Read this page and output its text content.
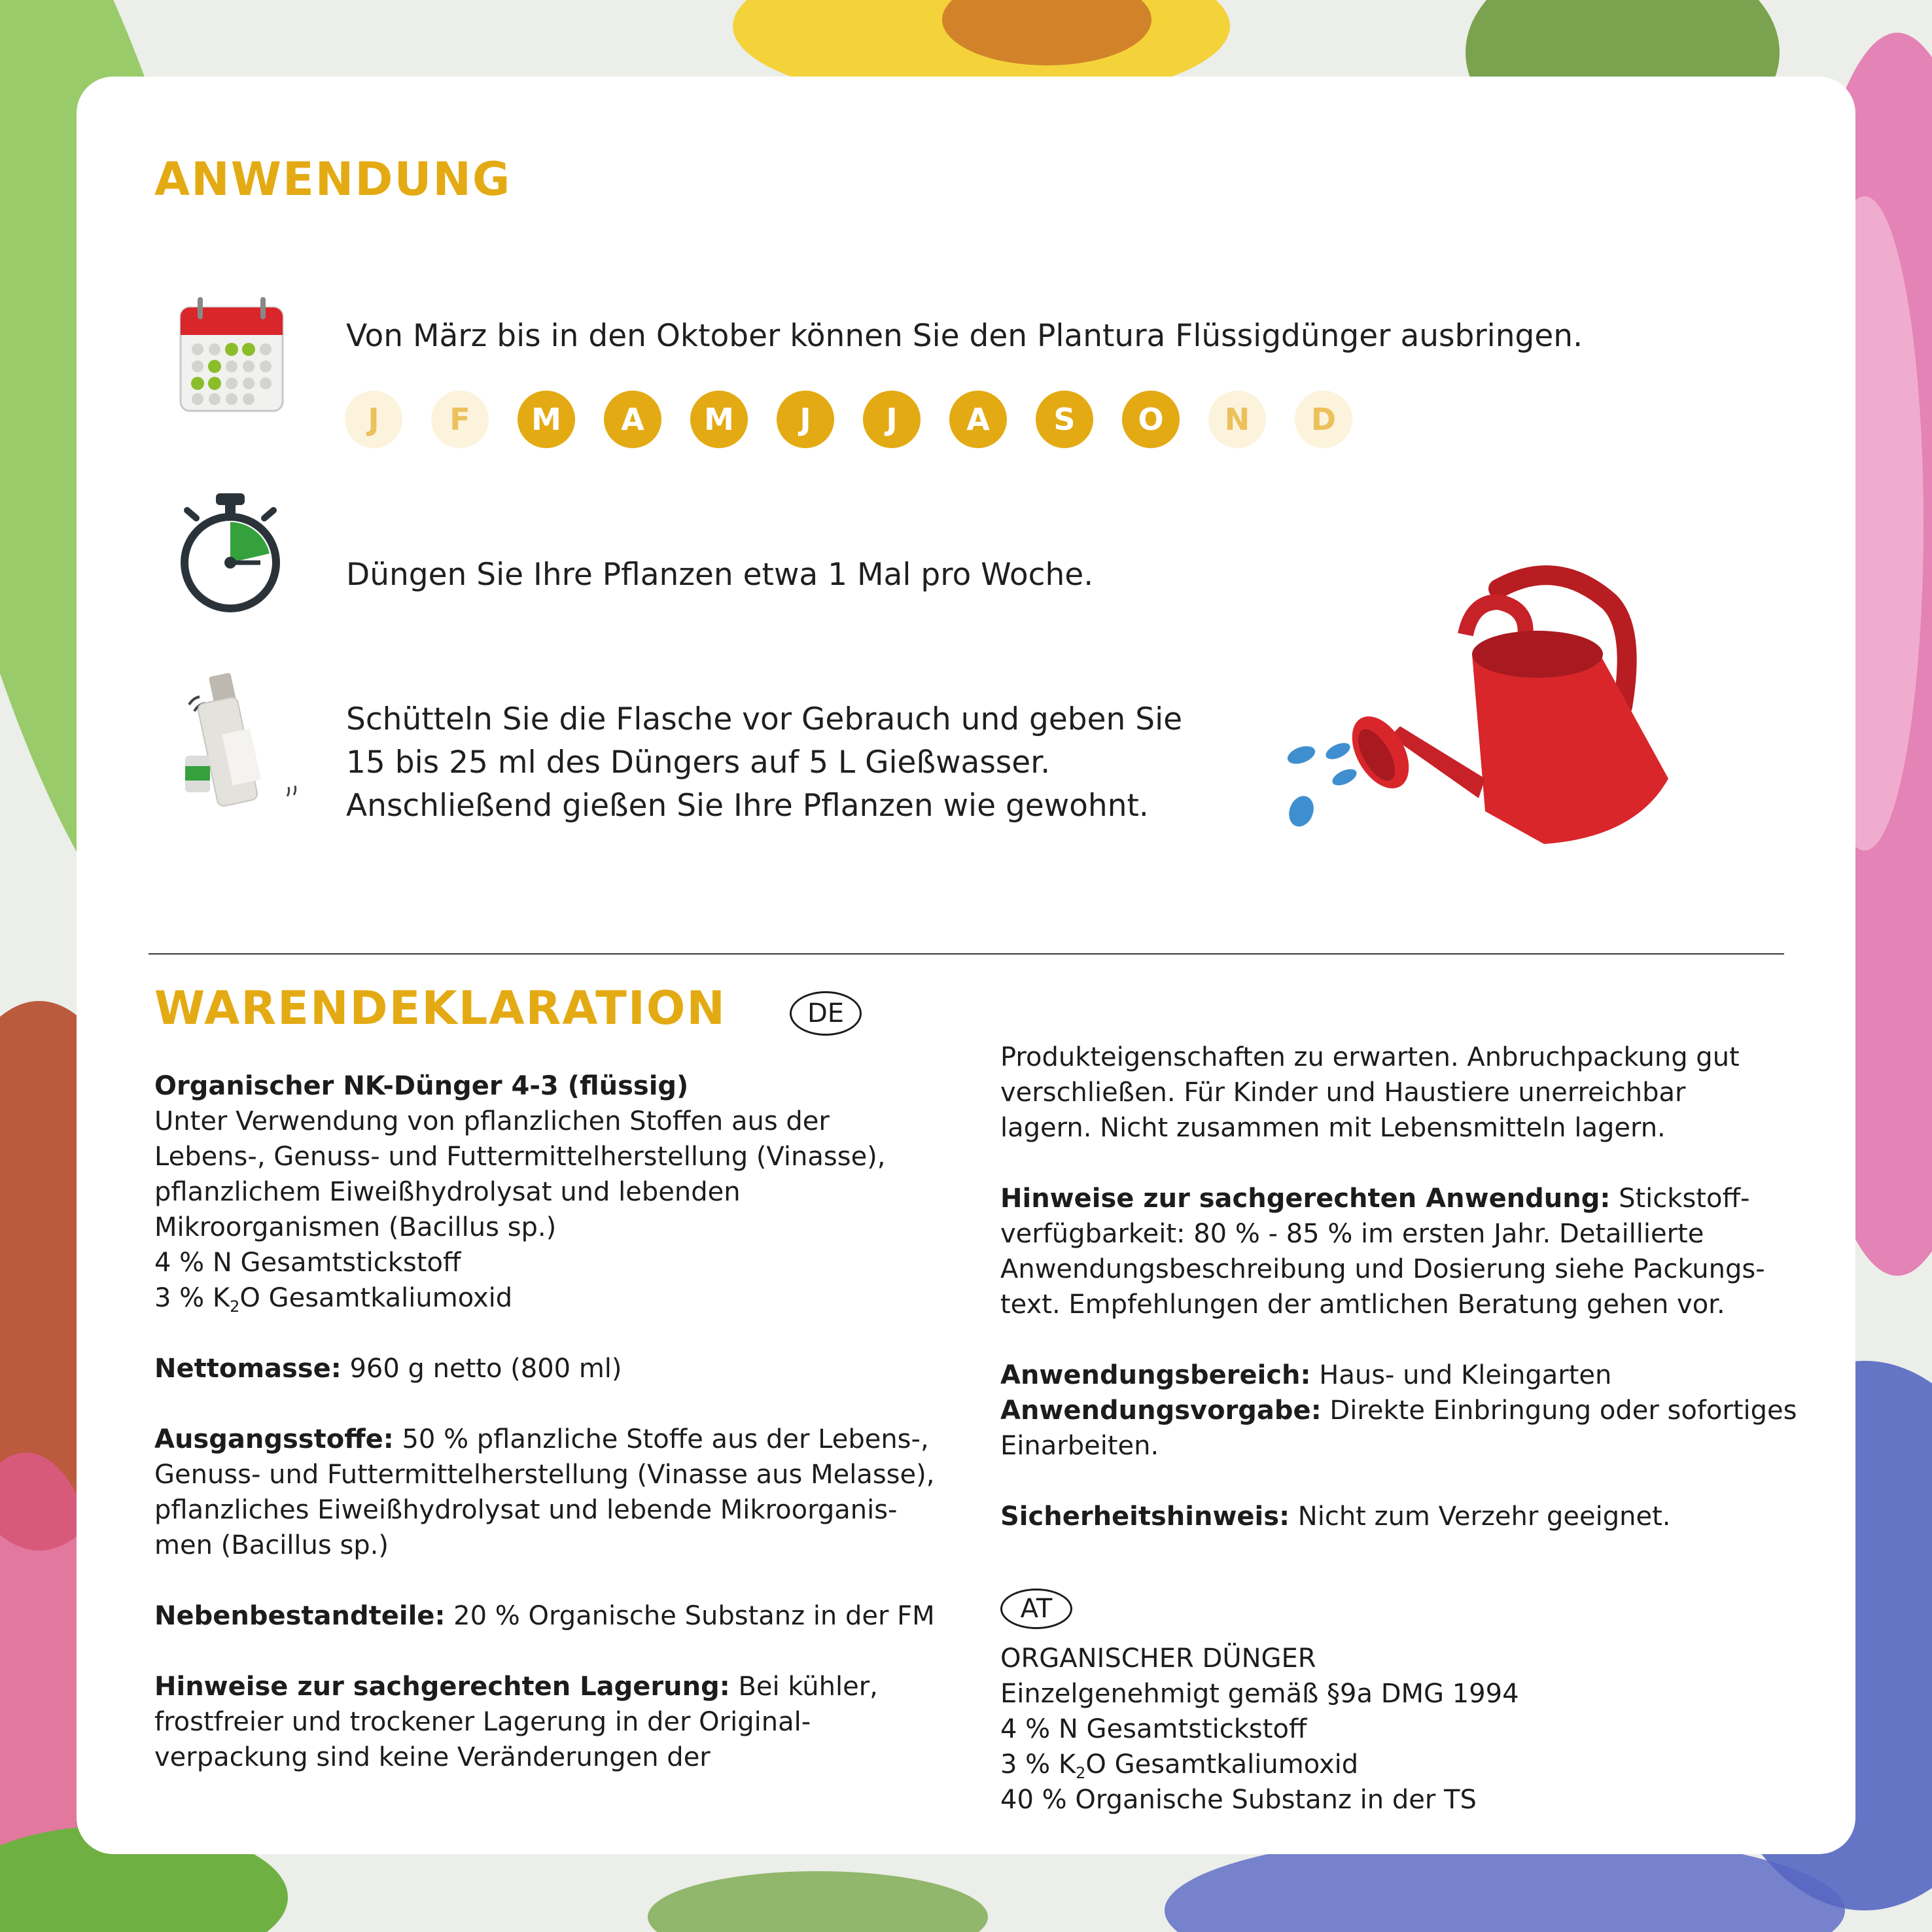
ANWENDUNG
Von März bis in den Oktober können Sie den Plantura Flüssigdünger ausbringen.
J	F	M	A	M	J	J	A	S	O	N	D
Düngen Sie Ihre Pflanzen etwa 1 Mal pro Woche.
Schütteln Sie die Flasche vor Gebrauch und geben Sie
15 bis 25 ml des Düngers auf 5 L Gießwasser.
Anschließend gießen Sie Ihre Pflanzen wie gewohnt.
WARENDEKLARATION	DE
Organischer NK-Dünger 4-3 (flüssig)
Unter Verwendung von pflanzlichen Stoffen aus der
Lebens-, Genuss- und Futtermittelherstellung (Vinasse),
pflanzlichem Eiweißhydrolysat und lebenden
Mikroorganismen (Bacillus sp.)
4 % N Gesamtstickstoff
3 % $K_2O$ Gesamtkaliumoxid
Nettomasse: 960 g netto (800 ml)
Ausgangsstoffe: 50 % pflanzliche Stoffe aus der Lebens-,
Genuss- und Futtermittelherstellung (Vinasse aus Melasse),
pflanzliches Eiweißhydrolysat und lebende Mikroorganis-
men (Bacillus sp.)
Nebenbestandteile: 20 % Organische Substanz in der FM
Hinweise zur sachgerechten Lagerung: Bei kühler,
frostfreier und trockener Lagerung in der Original-
verpackung sind keine Veränderungen der
Produkteigenschaften zu erwarten. Anbruchpackung gut
verschließen. Für Kinder und Haustiere unerreichbar
lagern. Nicht zusammen mit Lebensmitteln lagern.
Hinweise zur sachgerechten Anwendung: Stickstoff-
verfügbarkeit: 80 % - 85 % im ersten Jahr. Detaillierte
Anwendungsbeschreibung und Dosierung siehe Packungs-
text. Empfehlungen der amtlichen Beratung gehen vor.
Anwendungsbereich: Haus- und Kleingarten
Anwendungsvorgabe: Direkte Einbringung oder sofortiges
Einarbeiten.
Sicherheitshinweis: Nicht zum Verzehr geeignet.
AT
ORGANISCHER DÜNGER
Einzelgenehmigt gemäß §9a DMG 1994
4 % N Gesamtstickstoff
3 % $K_2O$ Gesamtkaliumoxid
40 % Organische Substanz in der TS
